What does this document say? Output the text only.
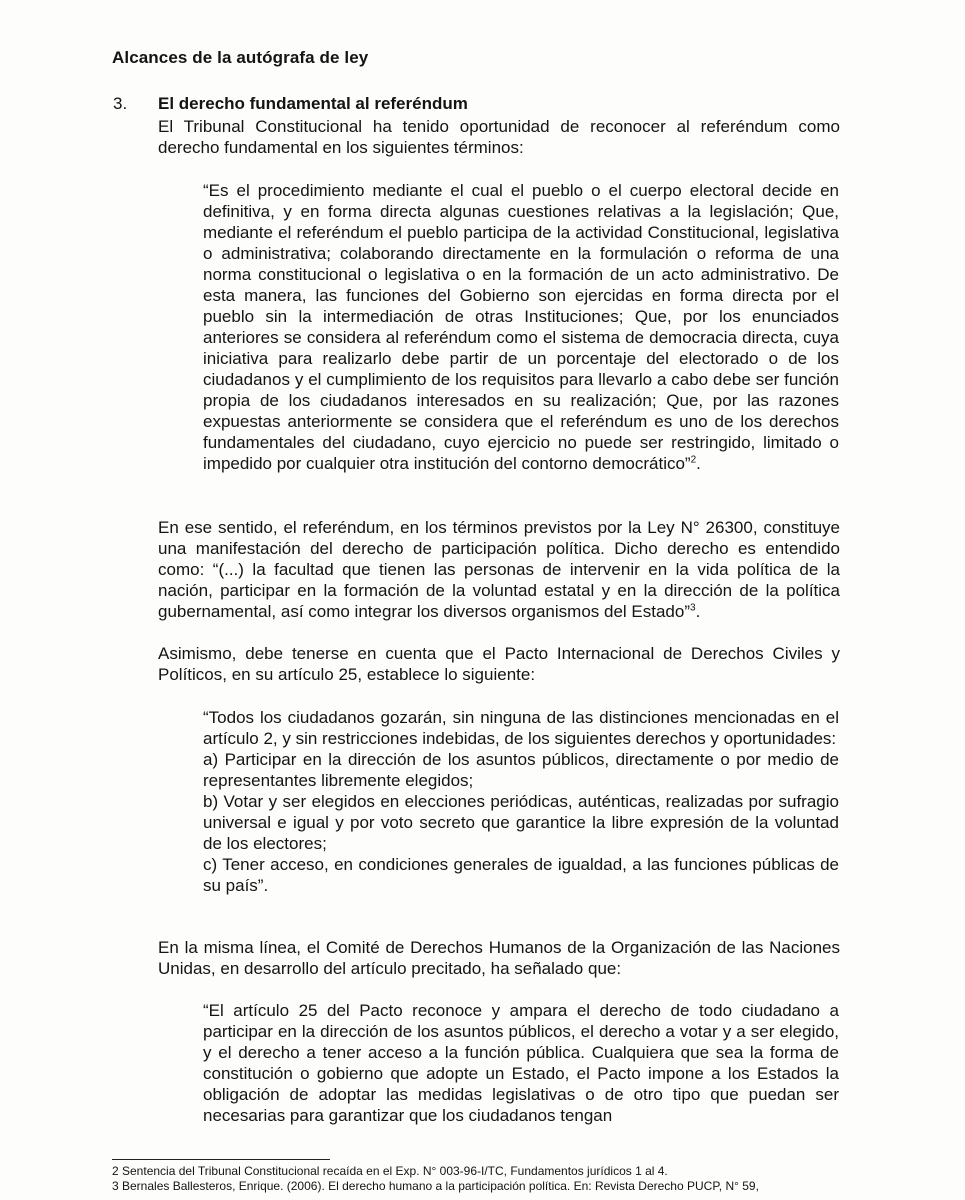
Alcances de la autógrafa de ley
3. El derecho fundamental al referéndum

El Tribunal Constitucional ha tenido oportunidad de reconocer al referéndum como derecho fundamental en los siguientes términos:

“Es el procedimiento mediante el cual el pueblo o el cuerpo electoral decide en definitiva, y en forma directa algunas cuestiones relativas a la legislación; Que, mediante el referéndum el pueblo participa de la actividad Constitucional, legislativa o administrativa; colaborando directamente en la formulación o reforma de una norma constitucional o legislativa o en la formación de un acto administrativo. De esta manera, las funciones del Gobierno son ejercidas en forma directa por el pueblo sin la intermediación de otras Instituciones; Que, por los enunciados anteriores se considera al referéndum como el sistema de democracia directa, cuya iniciativa para realizarlo debe partir de un porcentaje del electorado o de los ciudadanos y el cumplimiento de los requisitos para llevarlo a cabo debe ser función propia de los ciudadanos interesados en su realización; Que, por las razones expuestas anteriormente se considera que el referéndum es uno de los derechos fundamentales del ciudadano, cuyo ejercicio no puede ser restringido, limitado o impedido por cualquier otra institución del contorno democrático”$^2$.

En ese sentido, el referéndum, en los términos previstos por la Ley N° 26300, constituye una manifestación del derecho de participación política. Dicho derecho es entendido como: “(...) la facultad que tienen las personas de intervenir en la vida política de la nación, participar en la formación de la voluntad estatal y en la dirección de la política gubernamental, así como integrar los diversos organismos del Estado”$^3$.

Asimismo, debe tenerse en cuenta que el Pacto Internacional de Derechos Civiles y Políticos, en su artículo 25, establece lo siguiente:

“Todos los ciudadanos gozarán, sin ninguna de las distinciones mencionadas en el artículo 2, y sin restricciones indebidas, de los siguientes derechos y oportunidades:
a) Participar en la dirección de los asuntos públicos, directamente o por medio de representantes libremente elegidos;
b) Votar y ser elegidos en elecciones periódicas, auténticas, realizadas por sufragio universal e igual y por voto secreto que garantice la libre expresión de la voluntad de los electores;
c) Tener acceso, en condiciones generales de igualdad, a las funciones públicas de su país”.

En la misma línea, el Comité de Derechos Humanos de la Organización de las Naciones Unidas, en desarrollo del artículo precitado, ha señalado que:

“El artículo 25 del Pacto reconoce y ampara el derecho de todo ciudadano a participar en la dirección de los asuntos públicos, el derecho a votar y a ser elegido, y el derecho a tener acceso a la función pública. Cualquiera que sea la forma de constitución o gobierno que adopte un Estado, el Pacto impone a los Estados la obligación de adoptar las medidas legislativas o de otro tipo que puedan ser necesarias para garantizar que los ciudadanos tengan

2 Sentencia del Tribunal Constitucional recaída en el Exp. N° 003-96-I/TC, Fundamentos jurídicos 1 al 4.
3 Bernales Ballesteros, Enrique. (2006). El derecho humano a la participación política. En: Revista Derecho PUCP, N° 59,
